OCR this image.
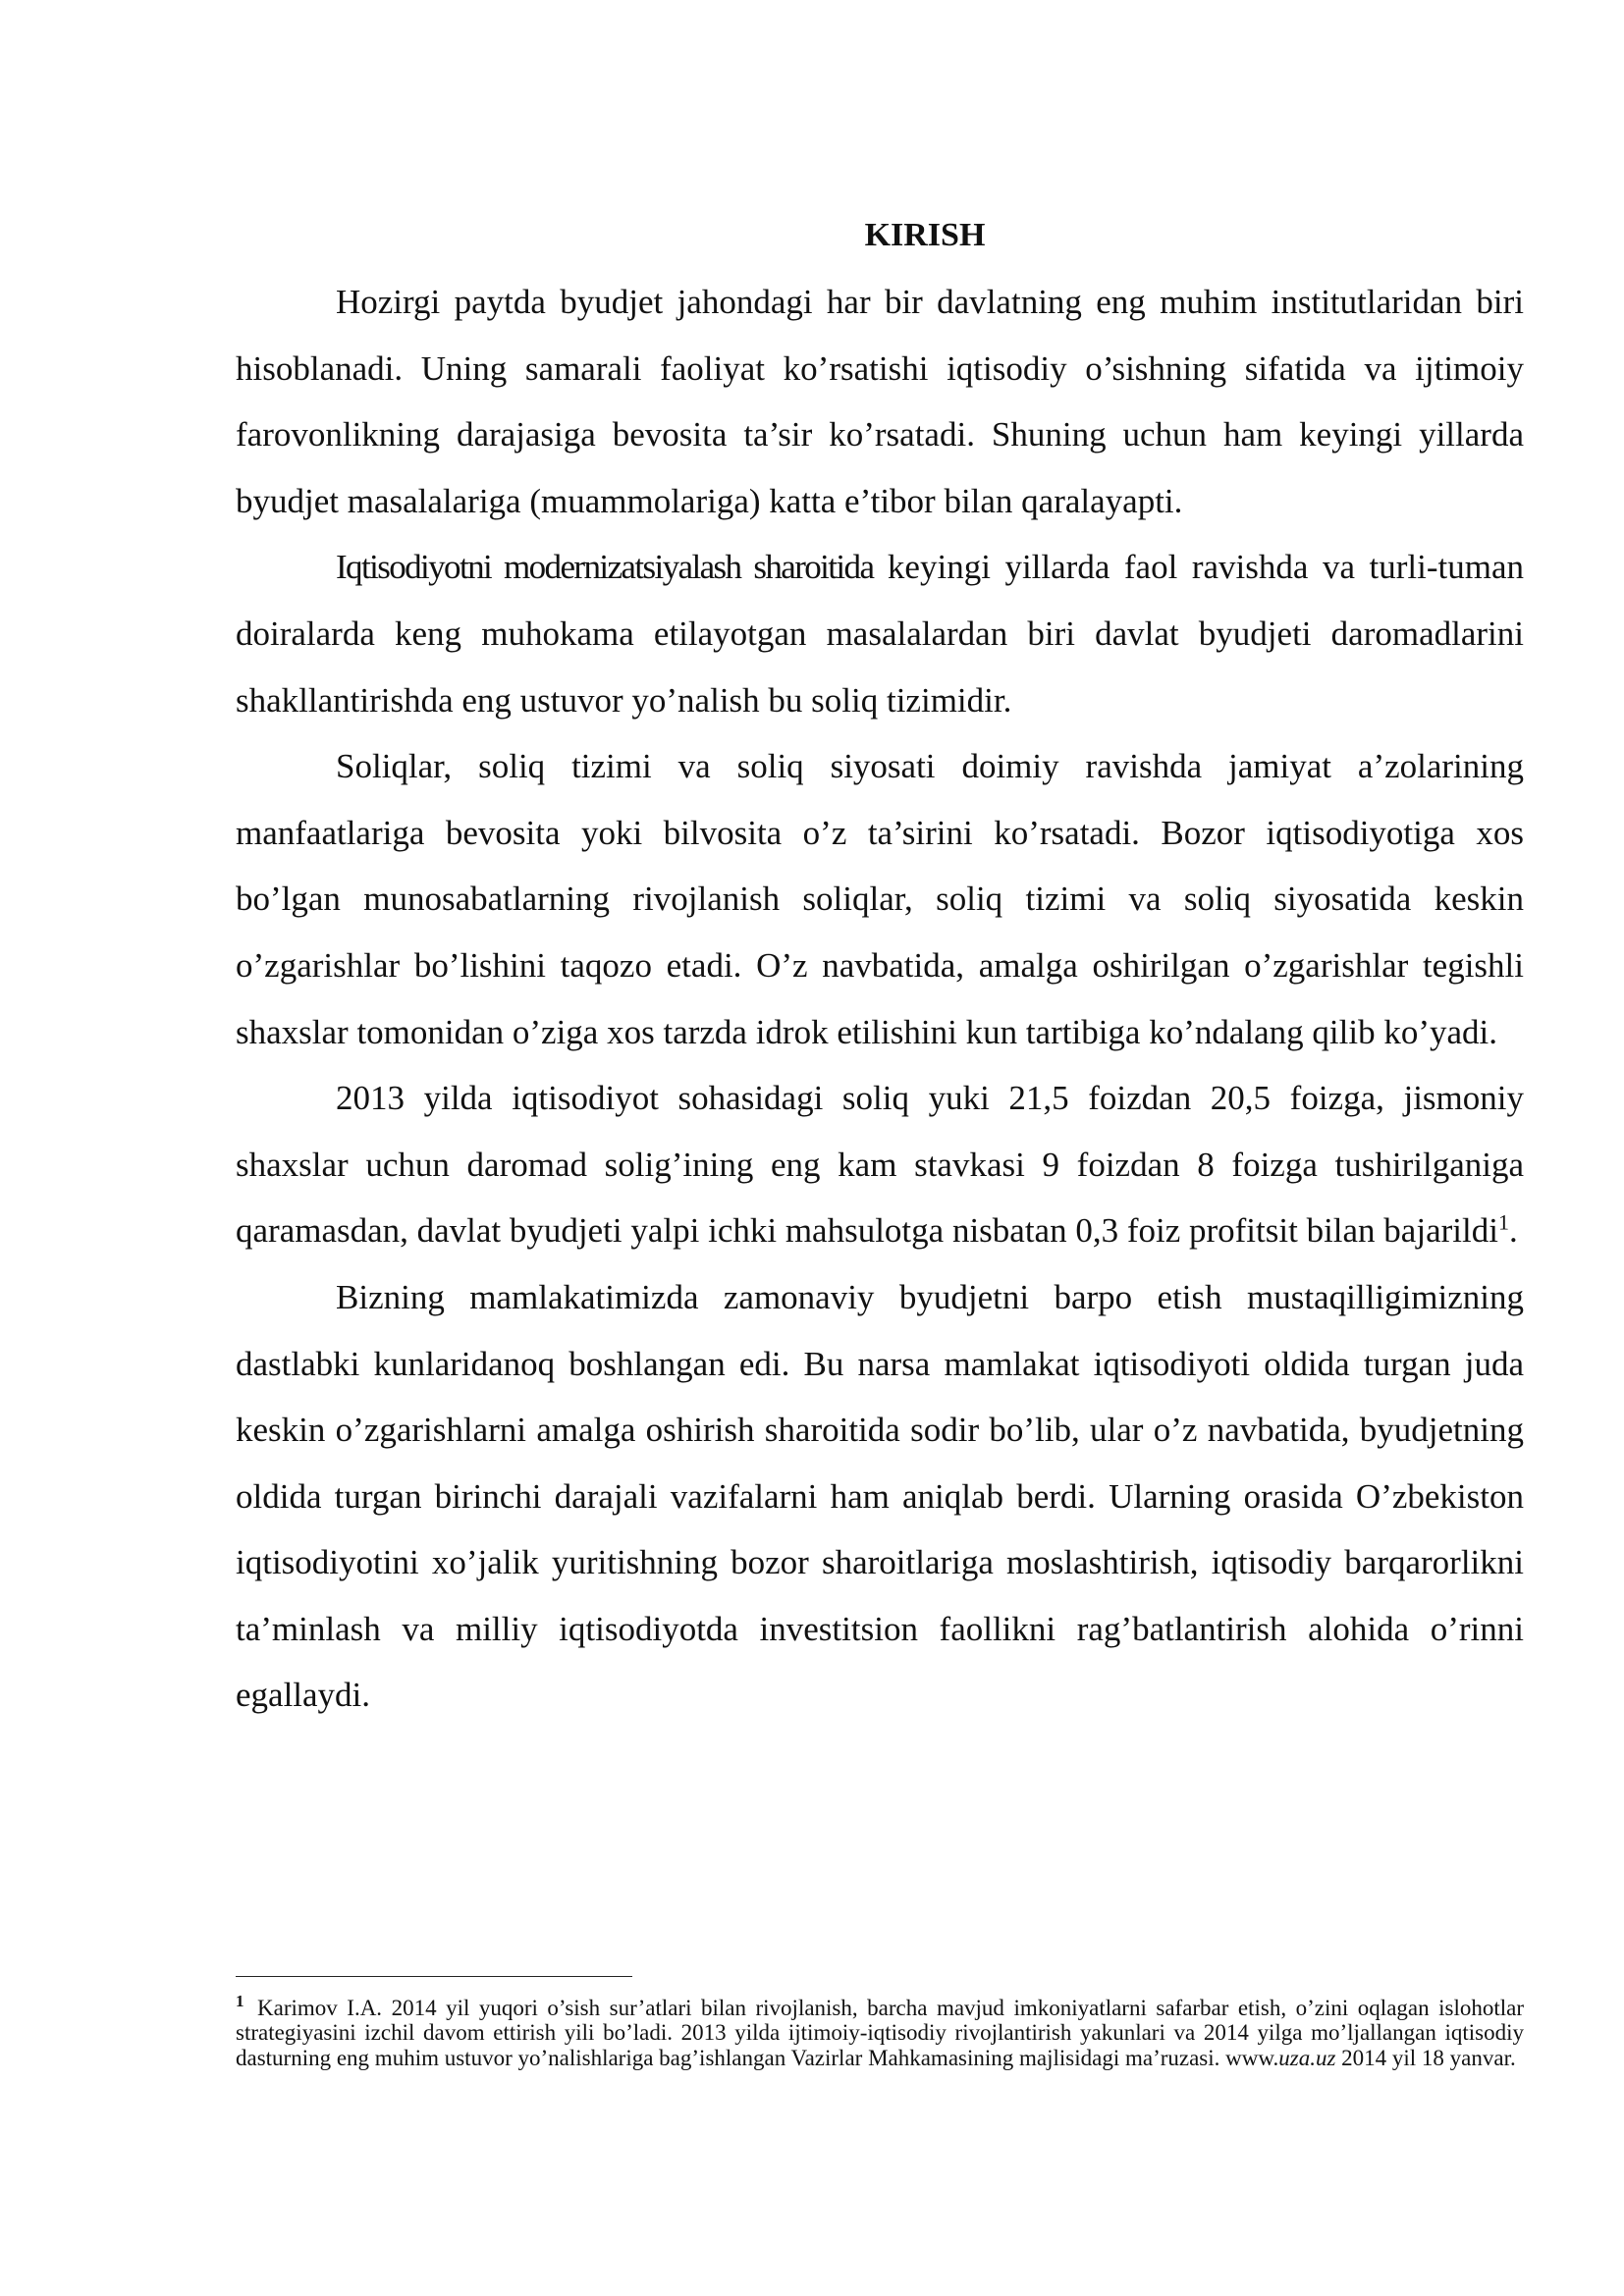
KIRISH

Hozirgi paytda byudjet jahondagi har bir davlatning eng muhim institutlaridan biri hisoblanadi. Uning samarali faoliyat ko’rsatishi iqtisodiy o’sishning sifatida va ijtimoiy farovonlikning darajasiga bevosita ta’sir ko’rsatadi. Shuning uchun ham keyingi yillarda byudjet masalalariga (muammolariga) katta e’tibor bilan qaralayapti.

Iqtisodiyotni modernizatsiyalash sharoitida keyingi yillarda faol ravishda va turli-tuman doiralarda keng muhokama etilayotgan masalalardan biri davlat byudjeti daromadlarini shakllantirishda eng ustuvor yo’nalish bu soliq tizimidir.

Soliqlar, soliq tizimi va soliq siyosati doimiy ravishda jamiyat a’zolarining manfaatlariga bevosita yoki bilvosita o’z ta’sirini ko’rsatadi. Bozor iqtisodiyotiga xos bo’lgan munosabatlarning rivojlanish soliqlar, soliq tizimi va soliq siyosatida keskin o’zgarishlar bo’lishini taqozo etadi. O’z navbatida, amalga oshirilgan o’zgarishlar tegishli shaxslar tomonidan o’ziga xos tarzda idrok etilishini kun tartibiga ko’ndalang qilib ko’yadi.

2013 yilda iqtisodiyot sohasidagi soliq yuki 21,5 foizdan 20,5 foizga, jismoniy shaxslar uchun daromad solig’ining eng kam stavkasi 9 foizdan 8 foizga tushirilganiga qaramasdan, davlat byudjeti yalpi ichki mahsulotga nisbatan 0,3 foiz profitsit bilan bajarildi$^1$.

Bizning mamlakatimizda zamonaviy byudjetni barpo etish mustaqilligimizning dastlabki kunlaridanoq boshlangan edi. Bu narsa mamlakat iqtisodiyoti oldida turgan juda keskin o’zgarishlarni amalga oshirish sharoitida sodir bo’lib, ular o’z navbatida, byudjetning oldida turgan birinchi darajali vazifalarni ham aniqlab berdi. Ularning orasida O’zbekiston iqtisodiyotini xo’jalik yuritishning bozor sharoitlariga moslashtirish, iqtisodiy barqarorlikni ta’minlash va milliy iqtisodiyotda investitsion faollikni rag’batlantirish alohida o’rinni egallaydi.

$^1$ Karimov I.A. 2014 yil yuqori o’sish sur’atlari bilan rivojlanish, barcha mavjud imkoniyatlarni safarbar etish, o’zini oqlagan islohotlar strategiyasini izchil davom ettirish yili bo’ladi. 2013 yilda ijtimoiy-iqtisodiy rivojlantirish yakunlari va 2014 yilga mo’ljallangan iqtisodiy dasturning eng muhim ustuvor yo’nalishlariga bag’ishlangan Vazirlar Mahkamasining majlisidagi ma’ruzasi. www.uza.uz 2014 yil 18 yanvar.
